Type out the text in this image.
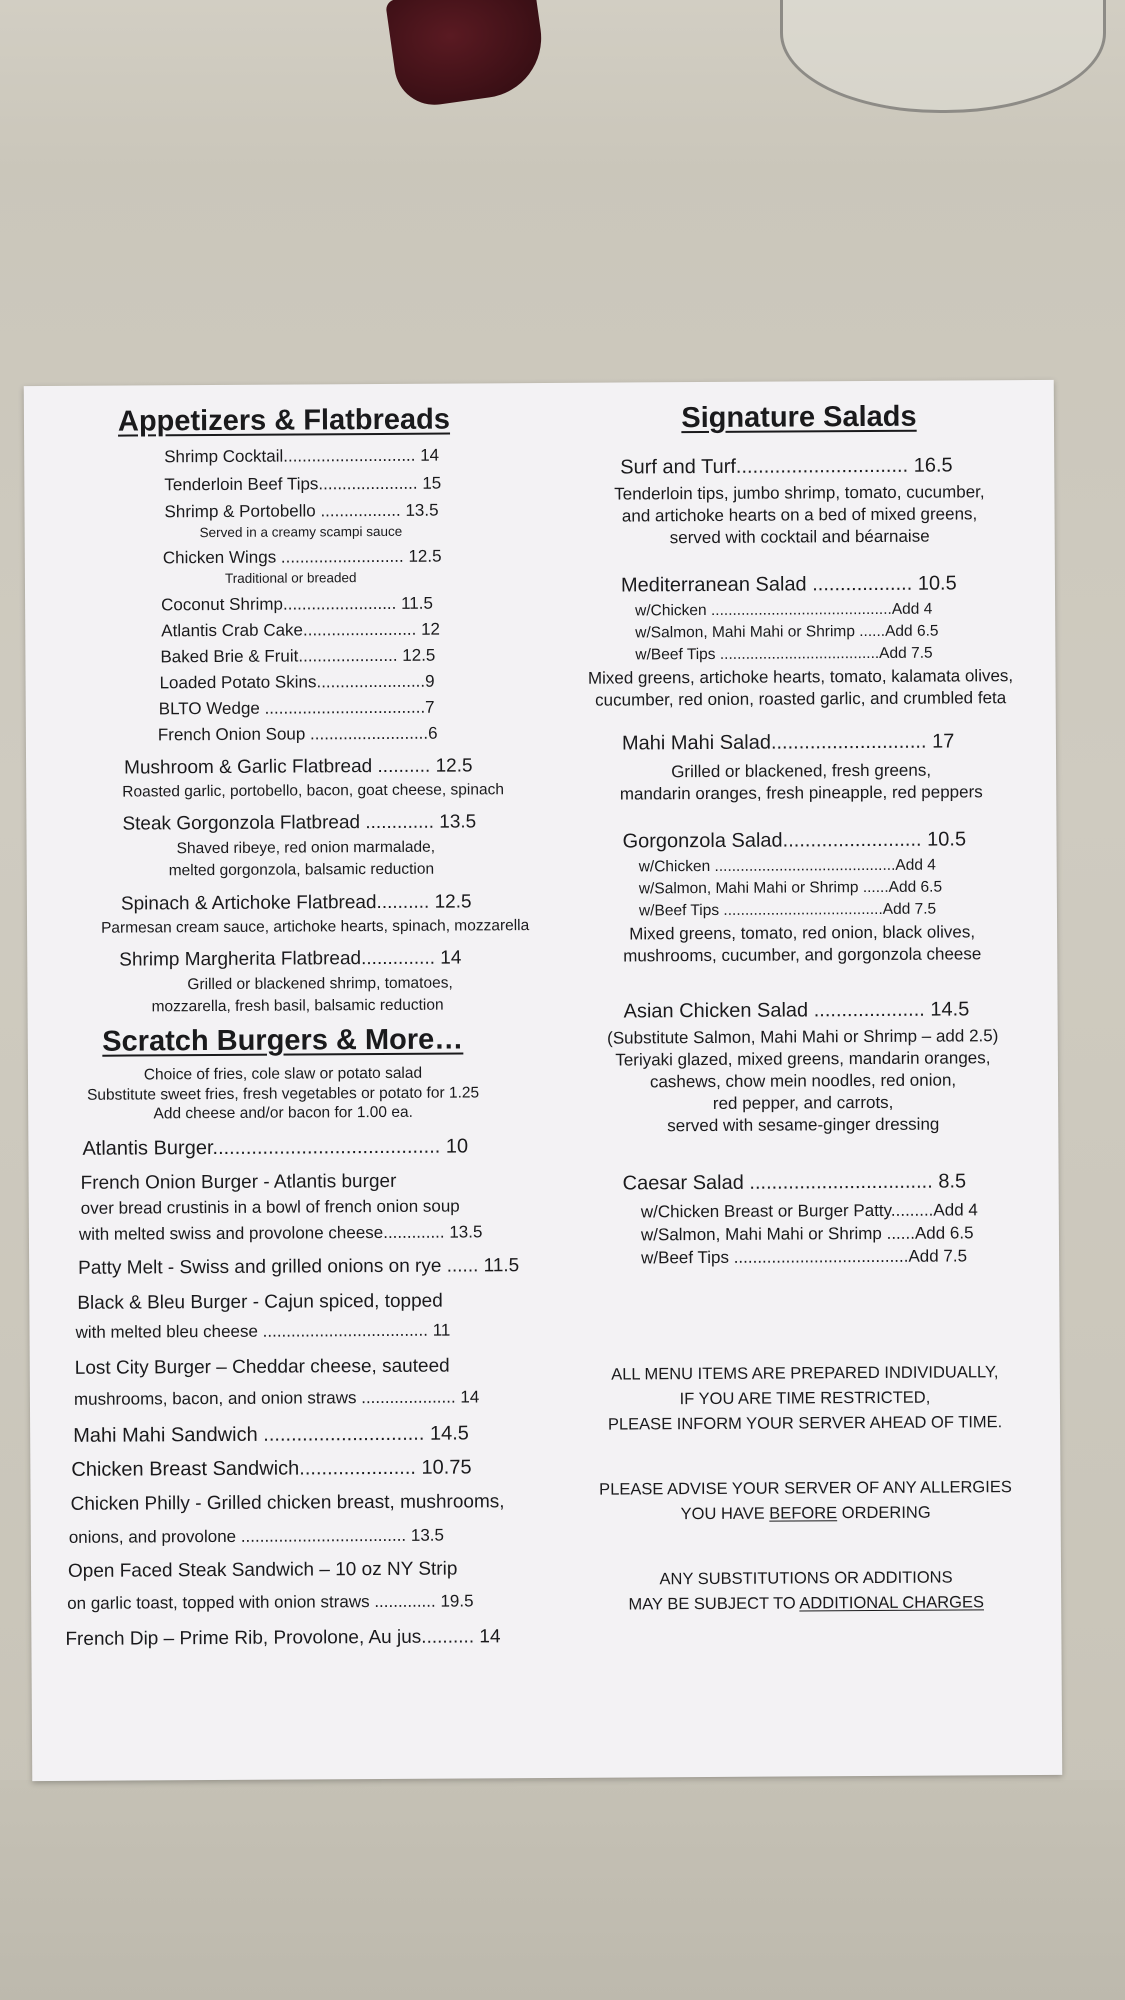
Appetizers & Flatbreads
Shrimp Cocktail............................ 14
Tenderloin Beef Tips..................... 15
Shrimp & Portobello ................. 13.5
Served in a creamy scampi sauce
Chicken Wings .......................... 12.5
Traditional or breaded
Coconut Shrimp........................ 11.5
Atlantis Crab Cake........................ 12
Baked Brie & Fruit..................... 12.5
Loaded Potato Skins.......................9
BLTO Wedge ..................................7
French Onion Soup .........................6
Mushroom & Garlic Flatbread .......... 12.5
Roasted garlic, portobello, bacon, goat cheese, spinach
Steak Gorgonzola Flatbread ............. 13.5
Shaved ribeye, red onion marmalade,
melted gorgonzola, balsamic reduction
Spinach & Artichoke Flatbread.......... 12.5
Parmesan cream sauce, artichoke hearts, spinach, mozzarella
Shrimp Margherita Flatbread.............. 14
Grilled or blackened shrimp, tomatoes,
mozzarella, fresh basil, balsamic reduction
Scratch Burgers & More…
Choice of fries, cole slaw or potato salad
Substitute sweet fries, fresh vegetables or potato for 1.25
Add cheese and/or bacon for 1.00 ea.
Atlantis Burger......................................... 10
French Onion Burger - Atlantis burger
over bread crustinis in a bowl of french onion soup
with melted swiss and provolone cheese............. 13.5
Patty Melt - Swiss and grilled onions on rye ...... 11.5
Black & Bleu Burger - Cajun spiced, topped
with melted bleu cheese ................................... 11
Lost City Burger – Cheddar cheese, sauteed
mushrooms, bacon, and onion straws .................... 14
Mahi Mahi Sandwich ............................. 14.5
Chicken Breast Sandwich..................... 10.75
Chicken Philly - Grilled chicken breast, mushrooms,
onions, and provolone ................................... 13.5
Open Faced Steak Sandwich – 10 oz NY Strip
on garlic toast, topped with onion straws ............. 19.5
French Dip – Prime Rib, Provolone, Au jus.......... 14
Signature Salads
Surf and Turf............................... 16.5
Tenderloin tips, jumbo shrimp, tomato, cucumber,
and artichoke hearts on a bed of mixed greens,
served with cocktail and béarnaise
Mediterranean Salad .................. 10.5
w/Chicken ..........................................Add 4
w/Salmon, Mahi Mahi or Shrimp ......Add 6.5
w/Beef Tips .....................................Add 7.5
Mixed greens, artichoke hearts, tomato, kalamata olives,
cucumber, red onion, roasted garlic, and crumbled feta
Mahi Mahi Salad............................ 17
Grilled or blackened, fresh greens,
mandarin oranges, fresh pineapple, red peppers
Gorgonzola Salad......................... 10.5
w/Chicken ..........................................Add 4
w/Salmon, Mahi Mahi or Shrimp ......Add 6.5
w/Beef Tips .....................................Add 7.5
Mixed greens, tomato, red onion, black olives,
mushrooms, cucumber, and gorgonzola cheese
Asian Chicken Salad .................... 14.5
(Substitute Salmon, Mahi Mahi or Shrimp – add 2.5)
Teriyaki glazed, mixed greens, mandarin oranges,
cashews, chow mein noodles, red onion,
red pepper, and carrots,
served with sesame-ginger dressing
Caesar Salad ................................. 8.5
w/Chicken Breast or Burger Patty.........Add 4
w/Salmon, Mahi Mahi or Shrimp ......Add 6.5
w/Beef Tips .....................................Add 7.5
ALL MENU ITEMS ARE PREPARED INDIVIDUALLY,
IF YOU ARE TIME RESTRICTED,
PLEASE INFORM YOUR SERVER AHEAD OF TIME.
PLEASE ADVISE YOUR SERVER OF ANY ALLERGIES
YOU HAVE BEFORE ORDERING
ANY SUBSTITUTIONS OR ADDITIONS
MAY BE SUBJECT TO ADDITIONAL CHARGES
